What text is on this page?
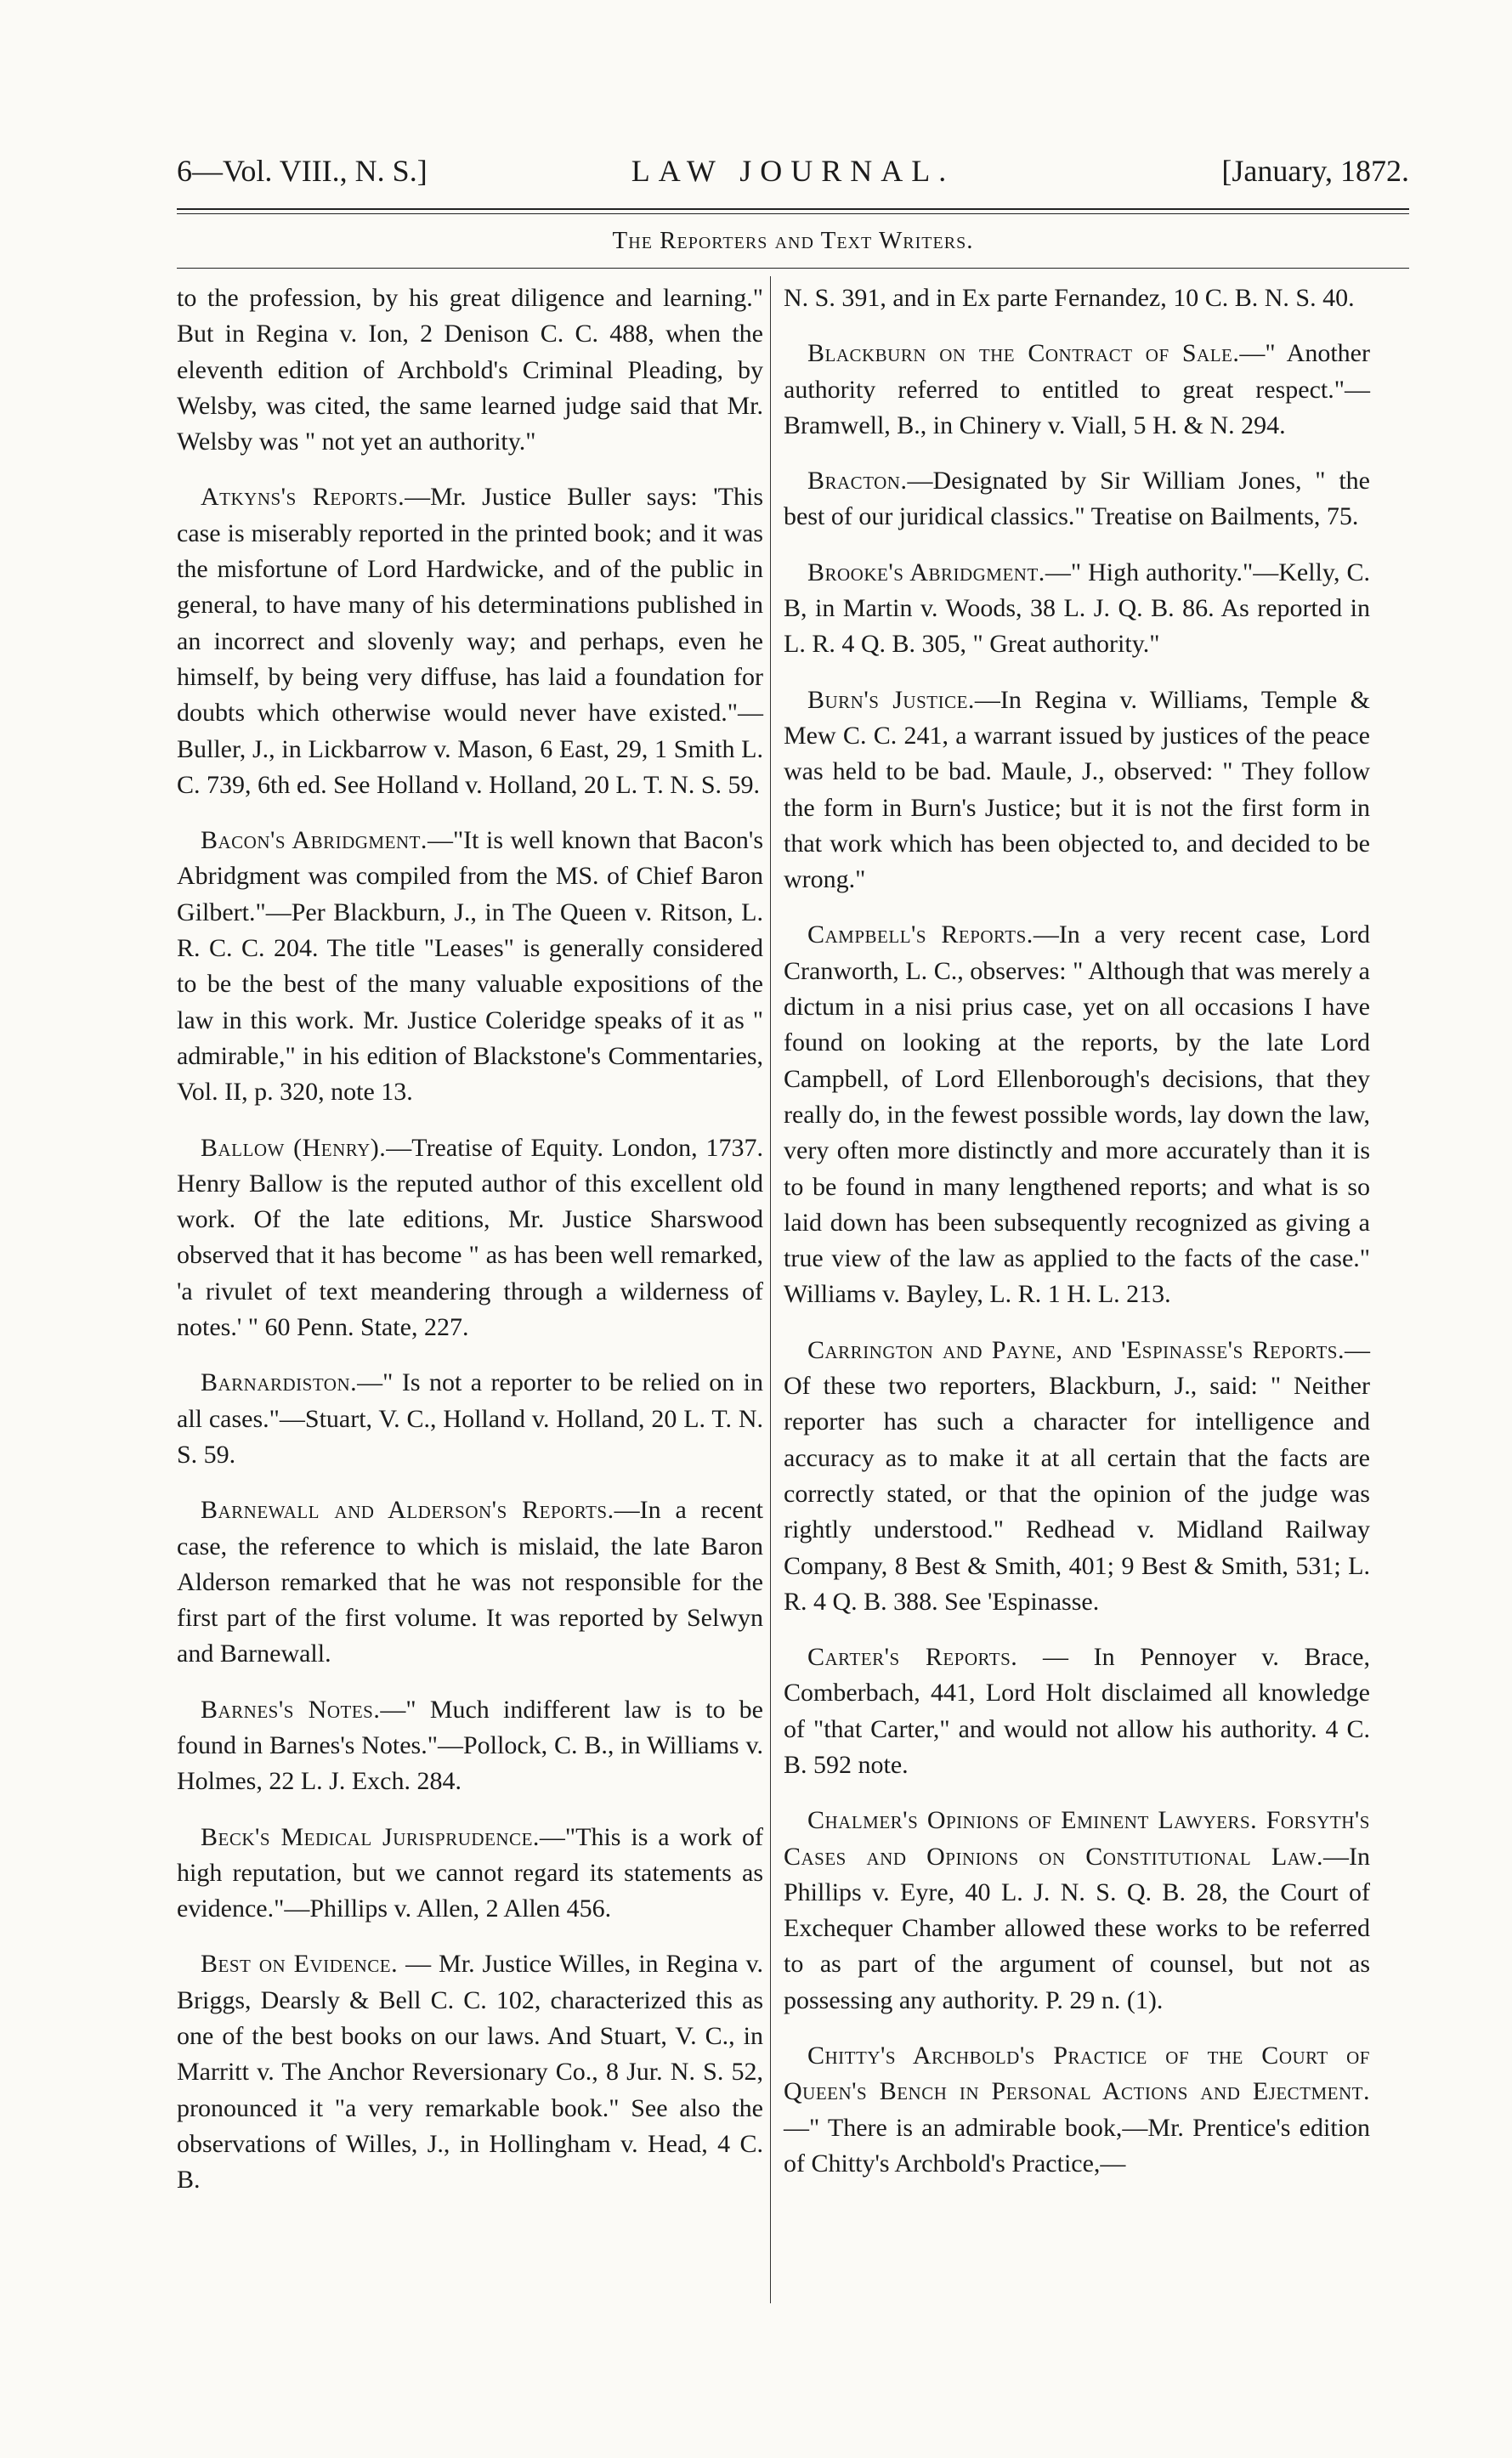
6—Vol. VIII., N. S.]	LAW JOURNAL.	[January, 1872.
The Reporters and Text Writers.

to the profession, by his great diligence and learning." But in Regina v. Ion, 2 Denison C. C. 488, when the eleventh edition of Archbold's Criminal Pleading, by Welsby, was cited, the same learned judge said that Mr. Welsby was " not yet an authority."

Atkyns's Reports.—Mr. Justice Buller says: 'This case is miserably reported in the printed book; and it was the misfortune of Lord Hardwicke, and of the public in general, to have many of his determinations published in an incorrect and slovenly way; and perhaps, even he himself, by being very diffuse, has laid a foundation for doubts which otherwise would never have existed."—Buller, J., in Lickbarrow v. Mason, 6 East, 29, 1 Smith L. C. 739, 6th ed. See Holland v. Holland, 20 L. T. N. S. 59.

Bacon's Abridgment.—"It is well known that Bacon's Abridgment was compiled from the MS. of Chief Baron Gilbert."—Per Blackburn, J., in The Queen v. Ritson, L. R. C. C. 204. The title "Leases" is generally considered to be the best of the many valuable expositions of the law in this work. Mr. Justice Coleridge speaks of it as " admirable," in his edition of Blackstone's Commentaries, Vol. II, p. 320, note 13.

Ballow (Henry).—Treatise of Equity. London, 1737. Henry Ballow is the reputed author of this excellent old work. Of the late editions, Mr. Justice Sharswood observed that it has become " as has been well remarked, 'a rivulet of text meandering through a wilderness of notes.' " 60 Penn. State, 227.

Barnardiston.—" Is not a reporter to be relied on in all cases."—Stuart, V. C., Holland v. Holland, 20 L. T. N. S. 59.

Barnewall and Alderson's Reports.—In a recent case, the reference to which is mislaid, the late Baron Alderson remarked that he was not responsible for the first part of the first volume. It was reported by Selwyn and Barnewall.

Barnes's Notes.—" Much indifferent law is to be found in Barnes's Notes."—Pollock, C. B., in Williams v. Holmes, 22 L. J. Exch. 284.

Beck's Medical Jurisprudence.—"This is a work of high reputation, but we cannot regard its statements as evidence."—Phillips v. Allen, 2 Allen 456.

Best on Evidence. — Mr. Justice Willes, in Regina v. Briggs, Dearsly & Bell C. C. 102, characterized this as one of the best books on our laws. And Stuart, V. C., in Marritt v. The Anchor Reversionary Co., 8 Jur. N. S. 52, pronounced it "a very remarkable book." See also the observations of Willes, J., in Hollingham v. Head, 4 C. B.

N. S. 391, and in Ex parte Fernandez, 10 C. B. N. S. 40.

Blackburn on the Contract of Sale.—" Another authority referred to entitled to great respect."—Bramwell, B., in Chinery v. Viall, 5 H. & N. 294.

Bracton.—Designated by Sir William Jones, " the best of our juridical classics." Treatise on Bailments, 75.

Brooke's Abridgment.—" High authority."—Kelly, C. B, in Martin v. Woods, 38 L. J. Q. B. 86. As reported in L. R. 4 Q. B. 305, " Great authority."

Burn's Justice.—In Regina v. Williams, Temple & Mew C. C. 241, a warrant issued by justices of the peace was held to be bad. Maule, J., observed: " They follow the form in Burn's Justice; but it is not the first form in that work which has been objected to, and decided to be wrong."

Campbell's Reports.—In a very recent case, Lord Cranworth, L. C., observes: " Although that was merely a dictum in a nisi prius case, yet on all occasions I have found on looking at the reports, by the late Lord Campbell, of Lord Ellenborough's decisions, that they really do, in the fewest possible words, lay down the law, very often more distinctly and more accurately than it is to be found in many lengthened reports; and what is so laid down has been subsequently recognized as giving a true view of the law as applied to the facts of the case." Williams v. Bayley, L. R. 1 H. L. 213.

Carrington and Payne, and 'Espinasse's Reports.—Of these two reporters, Blackburn, J., said: " Neither reporter has such a character for intelligence and accuracy as to make it at all certain that the facts are correctly stated, or that the opinion of the judge was rightly understood." Redhead v. Midland Railway Company, 8 Best & Smith, 401; 9 Best & Smith, 531; L. R. 4 Q. B. 388. See 'Espinasse.

Carter's Reports. — In Pennoyer v. Brace, Comberbach, 441, Lord Holt disclaimed all knowledge of "that Carter," and would not allow his authority. 4 C. B. 592 note.

Chalmer's Opinions of Eminent Lawyers. Forsyth's Cases and Opinions on Constitutional Law.—In Phillips v. Eyre, 40 L. J. N. S. Q. B. 28, the Court of Exchequer Chamber allowed these works to be referred to as part of the argument of counsel, but not as possessing any authority. P. 29 n. (1).

Chitty's Archbold's Practice of the Court of Queen's Bench in Personal Actions and Ejectment.—" There is an admirable book,—Mr. Prentice's edition of Chitty's Archbold's Practice,—
